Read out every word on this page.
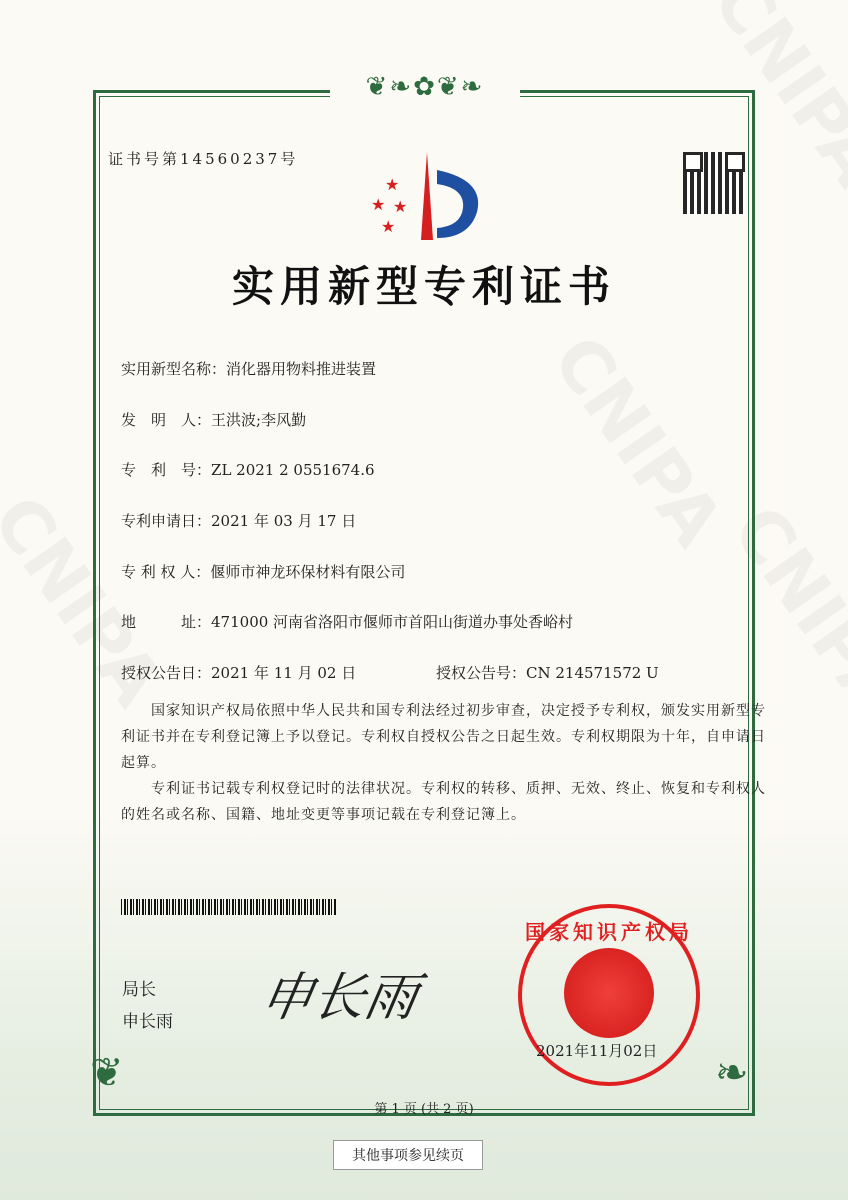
❦❧✿❦❧
❦	❧
证书号第14560237号
★
★ ★
★
实用新型专利证书
实用新型名称：消化器用物料推进装置
发　明　人：王洪波;李风勤
专　利　号：ZL 2021 2 0551674.6
专利申请日：2021 年 03 月 17 日
专 利 权 人：偃师市神龙环保材料有限公司
地　　　址：471000 河南省洛阳市偃师市首阳山街道办事处香峪村
授权公告日：2021 年 11 月 02 日	授权公告号：CN 214571572 U
国家知识产权局依照中华人民共和国专利法经过初步审查，决定授予专利权，颁发实用新型专利证书并在专利登记簿上予以登记。专利权自授权公告之日起生效。专利权期限为十年，自申请日起算。
专利证书记载专利权登记时的法律状况。专利权的转移、质押、无效、终止、恢复和专利权人的姓名或名称、国籍、地址变更等事项记载在专利登记簿上。
局长
申长雨 申长雨
国家知识产权局
2021年11月02日
第 1 页 (共 2 页)
其他事项参见续页
